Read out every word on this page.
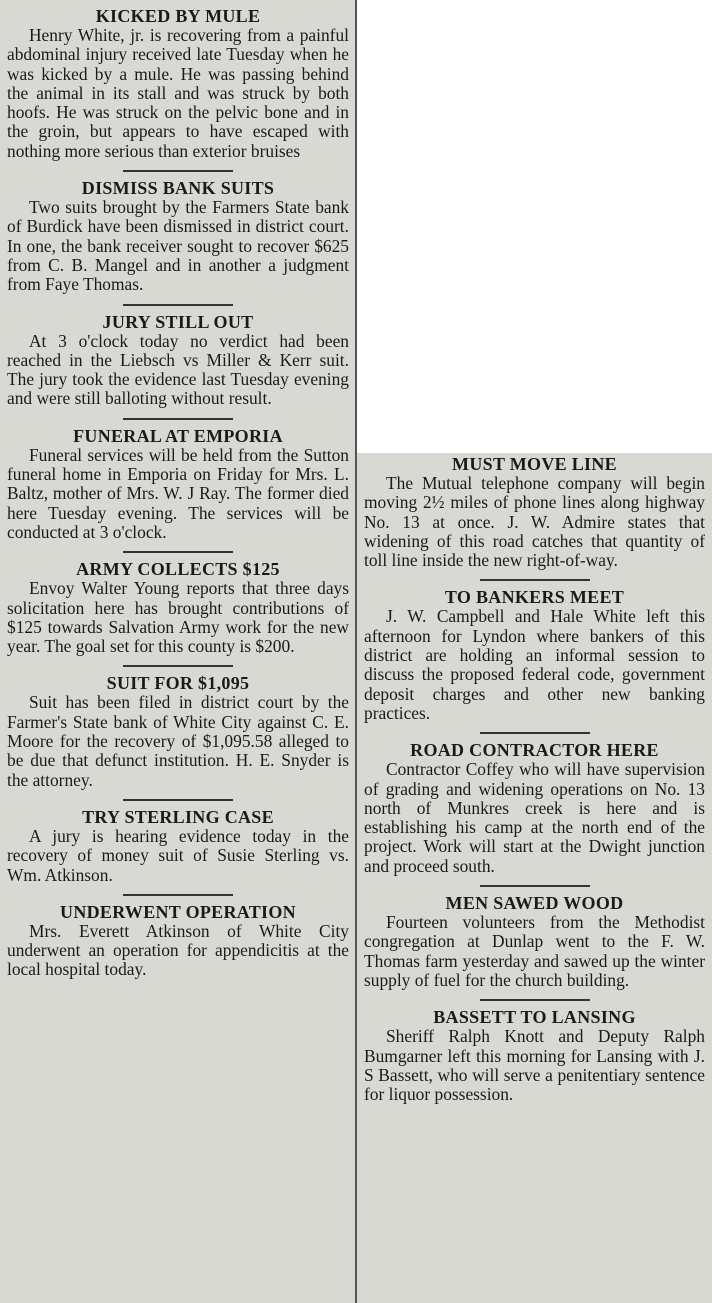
KICKED BY MULE

Henry White, jr. is recovering from a painful abdominal injury received late Tuesday when he was kicked by a mule. He was passing behind the animal in its stall and was struck by both hoofs. He was struck on the pelvic bone and in the groin, but appears to have escaped with nothing more serious than exterior bruises

DISMISS BANK SUITS

Two suits brought by the Farmers State bank of Burdick have been dismissed in district court. In one, the bank receiver sought to recover $625 from C. B. Mangel and in another a judgment from Faye Thomas.

JURY STILL OUT

At 3 o'clock today no verdict had been reached in the Liebsch vs Miller & Kerr suit. The jury took the evidence last Tuesday evening and were still balloting without result.

FUNERAL AT EMPORIA

Funeral services will be held from the Sutton funeral home in Emporia on Friday for Mrs. L. Baltz, mother of Mrs. W. J Ray. The former died here Tuesday evening. The services will be conducted at 3 o'clock.

ARMY COLLECTS $125

Envoy Walter Young reports that three days solicitation here has brought contributions of $125 towards Salvation Army work for the new year. The goal set for this county is $200.

SUIT FOR $1,095

Suit has been filed in district court by the Farmer's State bank of White City against C. E. Moore for the recovery of $1,095.58 alleged to be due that defunct institution. H. E. Snyder is the attorney.

TRY STERLING CASE

A jury is hearing evidence today in the recovery of money suit of Susie Sterling vs. Wm. Atkinson.

UNDERWENT OPERATION

Mrs. Everett Atkinson of White City underwent an operation for appendicitis at the local hospital today.

MUST MOVE LINE

The Mutual telephone company will begin moving 2½ miles of phone lines along highway No. 13 at once. J. W. Admire states that widening of this road catches that quantity of toll line inside the new right-of-way.

TO BANKERS MEET

J. W. Campbell and Hale White left this afternoon for Lyndon where bankers of this district are holding an informal session to discuss the proposed federal code, government deposit charges and other new banking practices.

ROAD CONTRACTOR HERE

Contractor Coffey who will have supervision of grading and widening operations on No. 13 north of Munkres creek is here and is establishing his camp at the north end of the project. Work will start at the Dwight junction and proceed south.

MEN SAWED WOOD

Fourteen volunteers from the Methodist congregation at Dunlap went to the F. W. Thomas farm yesterday and sawed up the winter supply of fuel for the church building.

BASSETT TO LANSING

Sheriff Ralph Knott and Deputy Ralph Bumgarner left this morning for Lansing with J. S Bassett, who will serve a penitentiary sentence for liquor possession.
